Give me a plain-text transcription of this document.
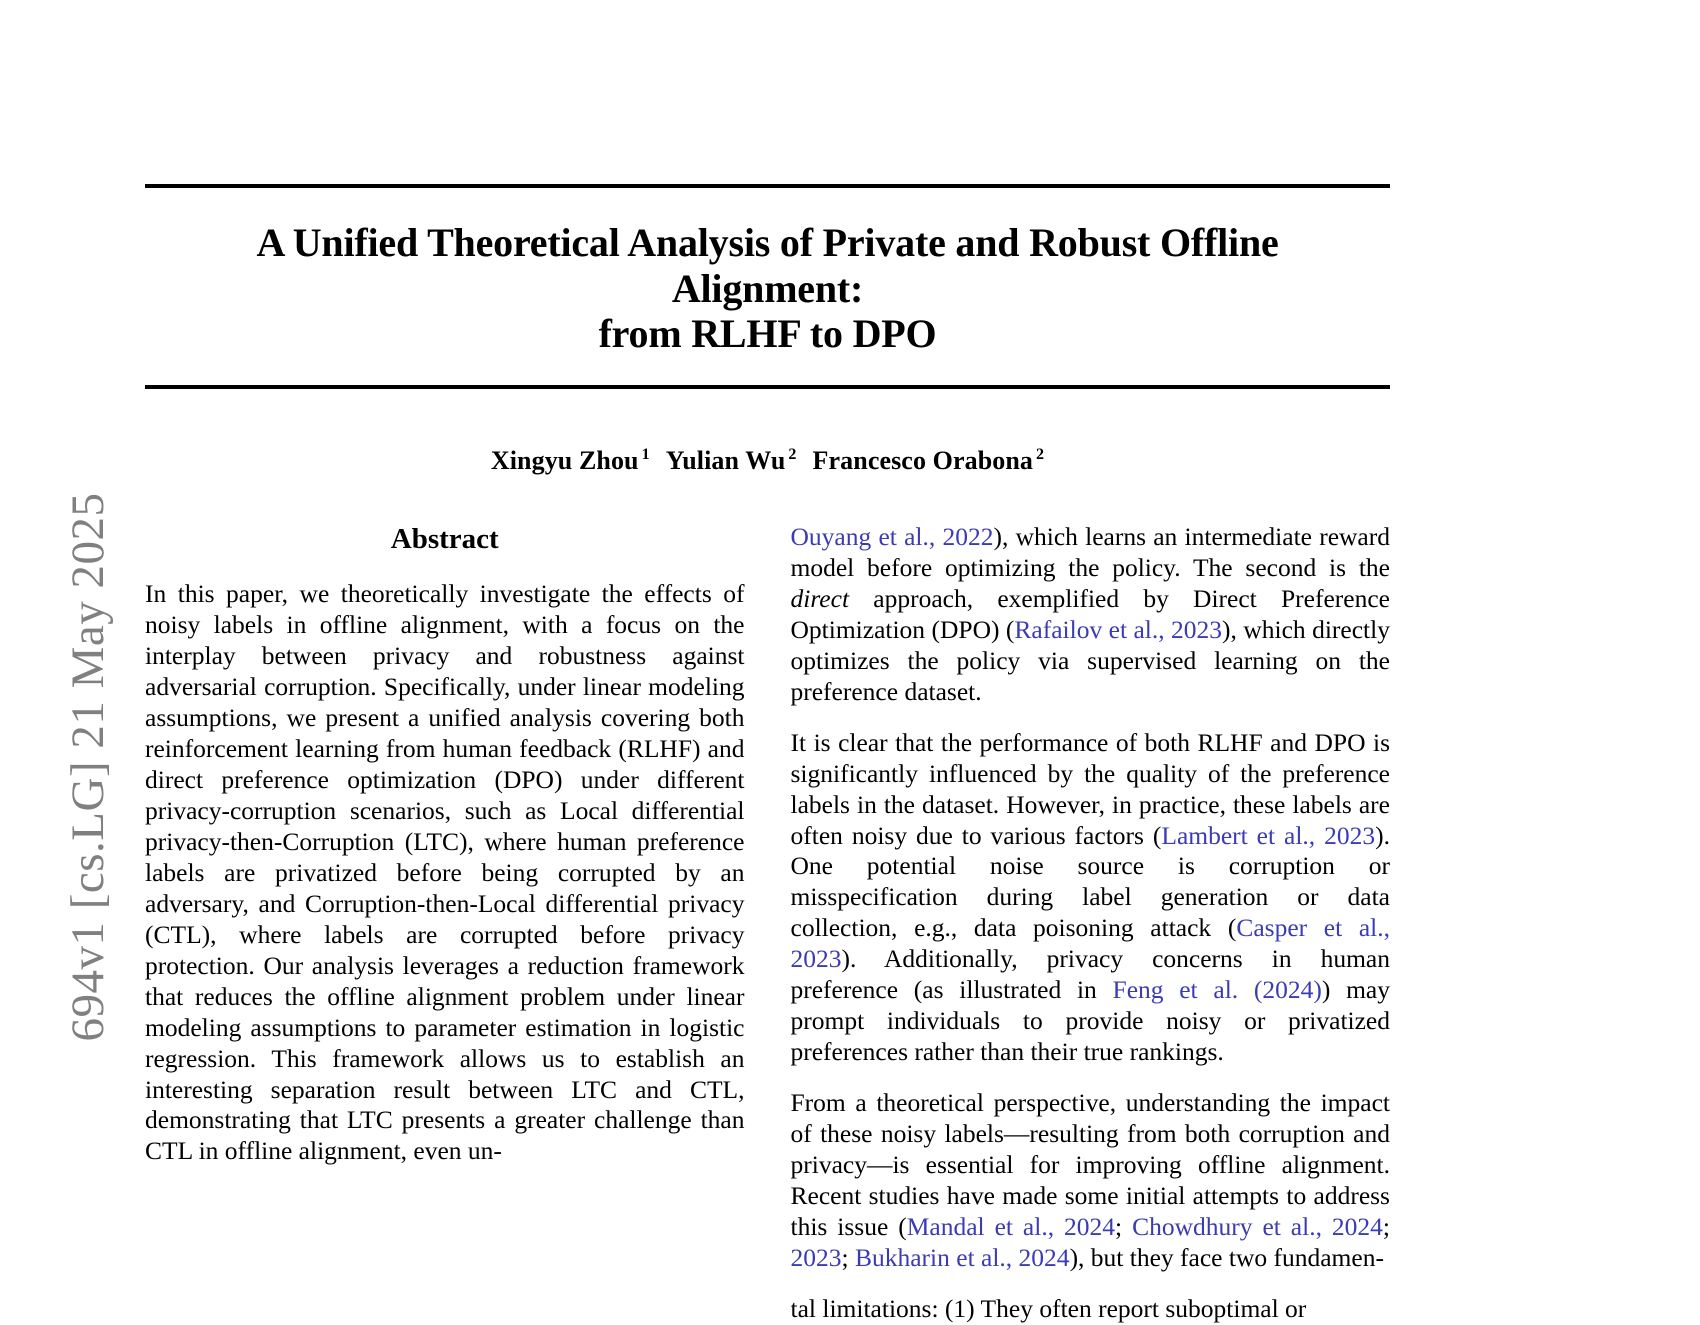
694v1 [cs.LG] 21 May 2025
A Unified Theoretical Analysis of Private and Robust Offline Alignment:
from RLHF to DPO
Xingyu Zhou $^1$ Yulian Wu $^2$ Francesco Orabona $^2$
Abstract

In this paper, we theoretically investigate the effects of noisy labels in offline alignment, with a focus on the interplay between privacy and robustness against adversarial corruption. Specifically, under linear modeling assumptions, we present a unified analysis covering both reinforcement learning from human feedback (RLHF) and direct preference optimization (DPO) under different privacy-corruption scenarios, such as Local differential privacy-then-Corruption (LTC), where human preference labels are privatized before being corrupted by an adversary, and Corruption-then-Local differential privacy (CTL), where labels are corrupted before privacy protection. Our analysis leverages a reduction framework that reduces the offline alignment problem under linear modeling assumptions to parameter estimation in logistic regression. This framework allows us to establish an interesting separation result between LTC and CTL, demonstrating that LTC presents a greater challenge than CTL in offline alignment, even un-

Ouyang et al., 2022), which learns an intermediate reward model before optimizing the policy. The second is the direct approach, exemplified by Direct Preference Optimization (DPO) (Rafailov et al., 2023), which directly optimizes the policy via supervised learning on the preference dataset.

It is clear that the performance of both RLHF and DPO is significantly influenced by the quality of the preference labels in the dataset. However, in practice, these labels are often noisy due to various factors (Lambert et al., 2023). One potential noise source is corruption or misspecification during label generation or data collection, e.g., data poisoning attack (Casper et al., 2023). Additionally, privacy concerns in human preference (as illustrated in Feng et al. (2024)) may prompt individuals to provide noisy or privatized preferences rather than their true rankings.

From a theoretical perspective, understanding the impact of these noisy labels—resulting from both corruption and privacy—is essential for improving offline alignment. Recent studies have made some initial attempts to address this issue (Mandal et al., 2024; Chowdhury et al., 2024; 2023; Bukharin et al., 2024), but they face two fundamen-

tal limitations: (1) They often report suboptimal or
